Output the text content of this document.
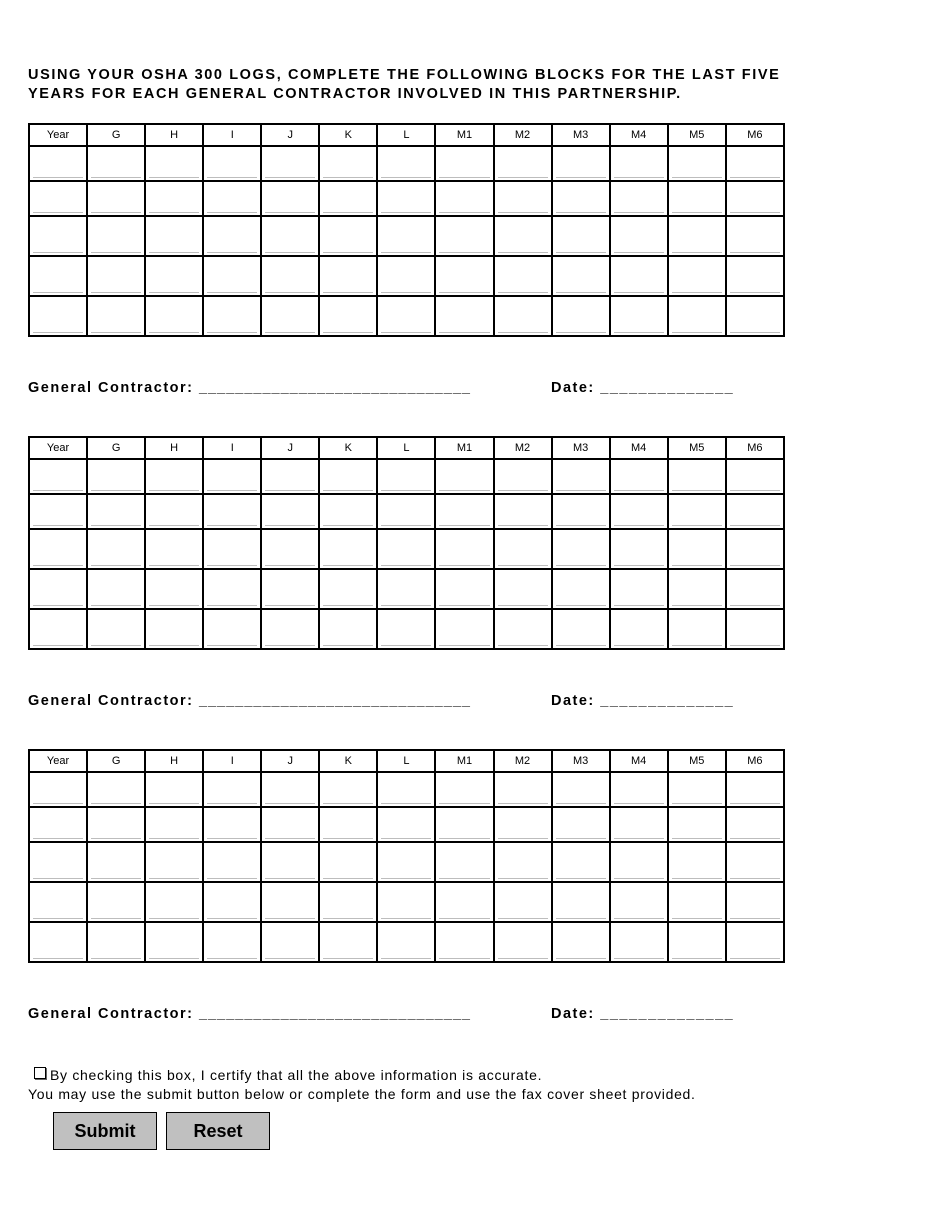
USING YOUR OSHA 300 LOGS, COMPLETE THE FOLLOWING BLOCKS FOR THE LAST FIVE
YEARS FOR EACH GENERAL CONTRACTOR INVOLVED IN THIS PARTNERSHIP.
Year	G	H	I	J	K	L	M1	M2	M3	M4	M5	M6

General Contractor: ______________________________	Date: ______________
Year	G	H	I	J	K	L	M1	M2	M3	M4	M5	M6

General Contractor: ______________________________	Date: ______________
Year	G	H	I	J	K	L	M1	M2	M3	M4	M5	M6

General Contractor: ______________________________	Date: ______________
By checking this box, I certify that all the above information is accurate.
You may use the submit button below or complete the form and use the fax cover sheet provided.
Submit	Reset
